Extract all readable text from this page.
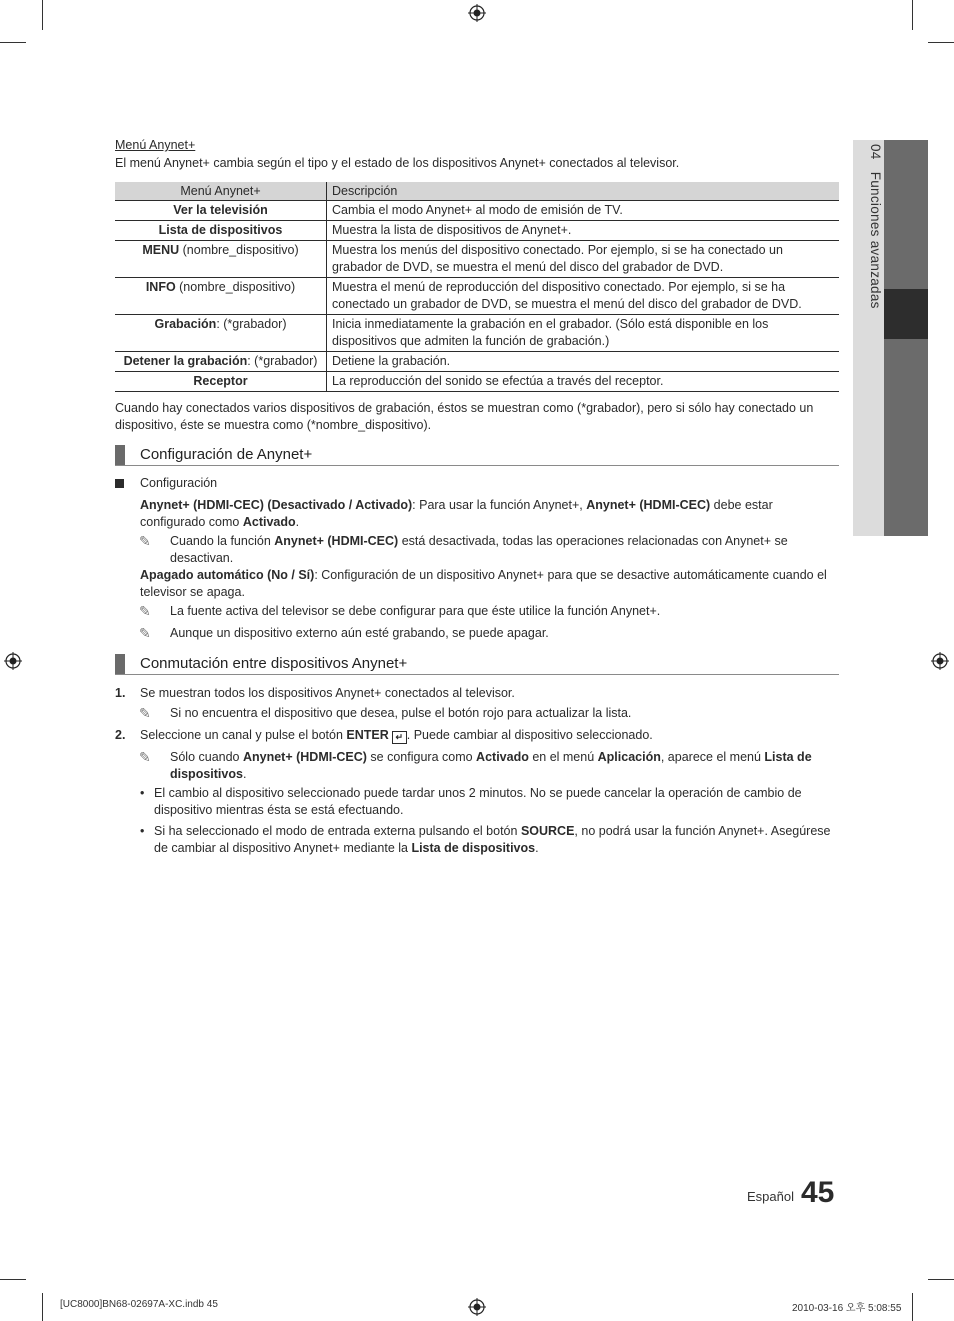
04 Funciones avanzadas
Menú Anynet+

El menú Anynet+ cambia según el tipo y el estado de los dispositivos Anynet+ conectados al televisor.

Menú Anynet+	Descripción
Ver la televisión	Cambia el modo Anynet+ al modo de emisión de TV.
Lista de dispositivos	Muestra la lista de dispositivos de Anynet+.
MENU (nombre_dispositivo)	Muestra los menús del dispositivo conectado. Por ejemplo, si se ha conectado un grabador de DVD, se muestra el menú del disco del grabador de DVD.
INFO (nombre_dispositivo)	Muestra el menú de reproducción del dispositivo conectado. Por ejemplo, si se ha conectado un grabador de DVD, se muestra el menú del disco del grabador de DVD.
Grabación: (*grabador)	Inicia inmediatamente la grabación en el grabador. (Sólo está disponible en los dispositivos que admiten la función de grabación.)
Detener la grabación: (*grabador)	Detiene la grabación.
Receptor	La reproducción del sonido se efectúa a través del receptor.

Cuando hay conectados varios dispositivos de grabación, éstos se muestran como (*grabador), pero si sólo hay conectado un dispositivo, éste se muestra como (*nombre_dispositivo).

Configuración de Anynet+
Configuración
Anynet+ (HDMI-CEC) (Desactivado / Activado): Para usar la función Anynet+, Anynet+ (HDMI-CEC) debe estar configurado como Activado.
✎	Cuando la función Anynet+ (HDMI-CEC) está desactivada, todas las operaciones relacionadas con Anynet+ se desactivan.
Apagado automático (No / Sí): Configuración de un dispositivo Anynet+ para que se desactive automáticamente cuando el televisor se apaga.
✎	La fuente activa del televisor se debe configurar para que éste utilice la función Anynet+.
✎	Aunque un dispositivo externo aún esté grabando, se puede apagar.
Conmutación entre dispositivos Anynet+
1. Se muestran todos los dispositivos Anynet+ conectados al televisor.
✎	Si no encuentra el dispositivo que desea, pulse el botón rojo para actualizar la lista.
2. Seleccione un canal y pulse el botón ENTER ↵ . Puede cambiar al dispositivo seleccionado.
✎	Sólo cuando Anynet+ (HDMI-CEC) se configura como Activado en el menú Aplicación, aparece el menú Lista de dispositivos.
• El cambio al dispositivo seleccionado puede tardar unos 2 minutos. No se puede cancelar la operación de cambio de dispositivo mientras ésta se está efectuando.
• Si ha seleccionado el modo de entrada externa pulsando el botón SOURCE, no podrá usar la función Anynet+. Asegúrese de cambiar al dispositivo Anynet+ mediante la Lista de dispositivos.
Español 45
[UC8000]BN68-02697A-XC.indb 45	2010-03-16 오후 5:08:55
